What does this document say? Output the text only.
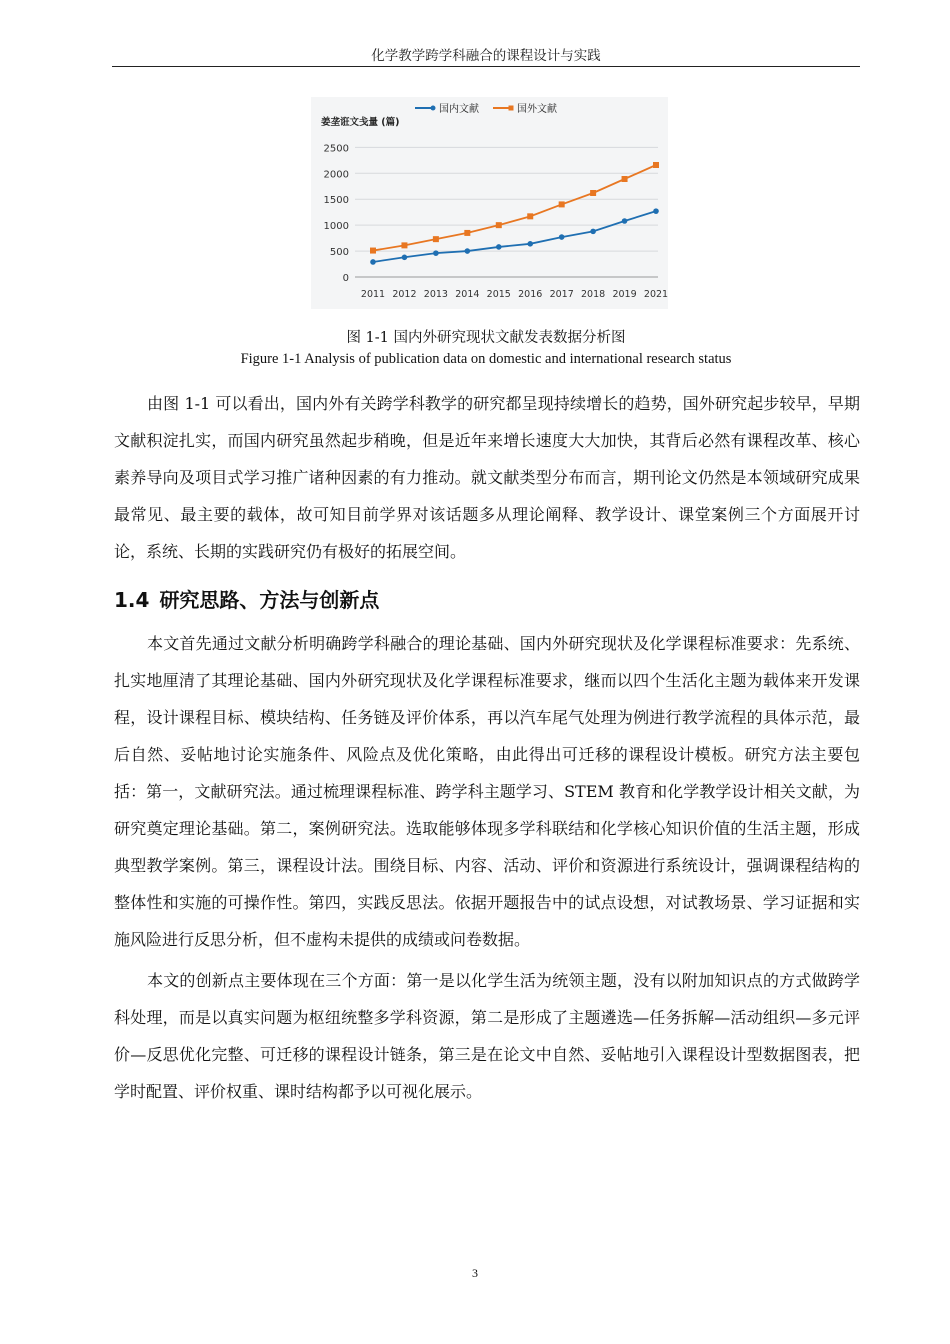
化学教学跨学科融合的课程设计与实践
0
500
1000
1500
2000
2500
2011 2012 2013 2014 2015 2016 2017 2018 2019 2021
姜垄诳文戋量 (篇)
国内文献	国外文献
图 1-1 国内外研究现状文献发表数据分析图
Figure 1-1 Analysis of publication data on domestic and international research status

由图 1-1 可以看出，国内外有关跨学科教学的研究都呈现持续增长的趋势，国外研究起步较早，早期文献积淀扎实，而国内研究虽然起步稍晚，但是近年来增长速度大大加快，其背后必然有课程改革、核心素养导向及项目式学习推广诸种因素的有力推动。就文献类型分布而言，期刊论文仍然是本领域研究成果最常见、最主要的载体，故可知目前学界对该话题多从理论阐释、教学设计、课堂案例三个方面展开讨论，系统、长期的实践研究仍有极好的拓展空间。

1.4 研究思路、方法与创新点

本文首先通过文献分析明确跨学科融合的理论基础、国内外研究现状及化学课程标准要求：先系统、扎实地厘清了其理论基础、国内外研究现状及化学课程标准要求，继而以四个生活化主题为载体来开发课程，设计课程目标、模块结构、任务链及评价体系，再以汽车尾气处理为例进行教学流程的具体示范，最后自然、妥帖地讨论实施条件、风险点及优化策略，由此得出可迁移的课程设计模板。研究方法主要包括：第一，文献研究法。通过梳理课程标准、跨学科主题学习、STEM 教育和化学教学设计相关文献，为研究奠定理论基础。第二，案例研究法。选取能够体现多学科联结和化学核心知识价值的生活主题，形成典型教学案例。第三，课程设计法。围绕目标、内容、活动、评价和资源进行系统设计，强调课程结构的整体性和实施的可操作性。第四，实践反思法。依据开题报告中的试点设想，对试教场景、学习证据和实施风险进行反思分析，但不虚构未提供的成绩或问卷数据。

本文的创新点主要体现在三个方面：第一是以化学生活为统领主题，没有以附加知识点的方式做跨学科处理，而是以真实问题为枢纽统整多学科资源，第二是形成了主题遴选—任务拆解—活动组织—多元评价—反思优化完整、可迁移的课程设计链条，第三是在论文中自然、妥帖地引入课程设计型数据图表，把学时配置、评价权重、课时结构都予以可视化展示。

3
